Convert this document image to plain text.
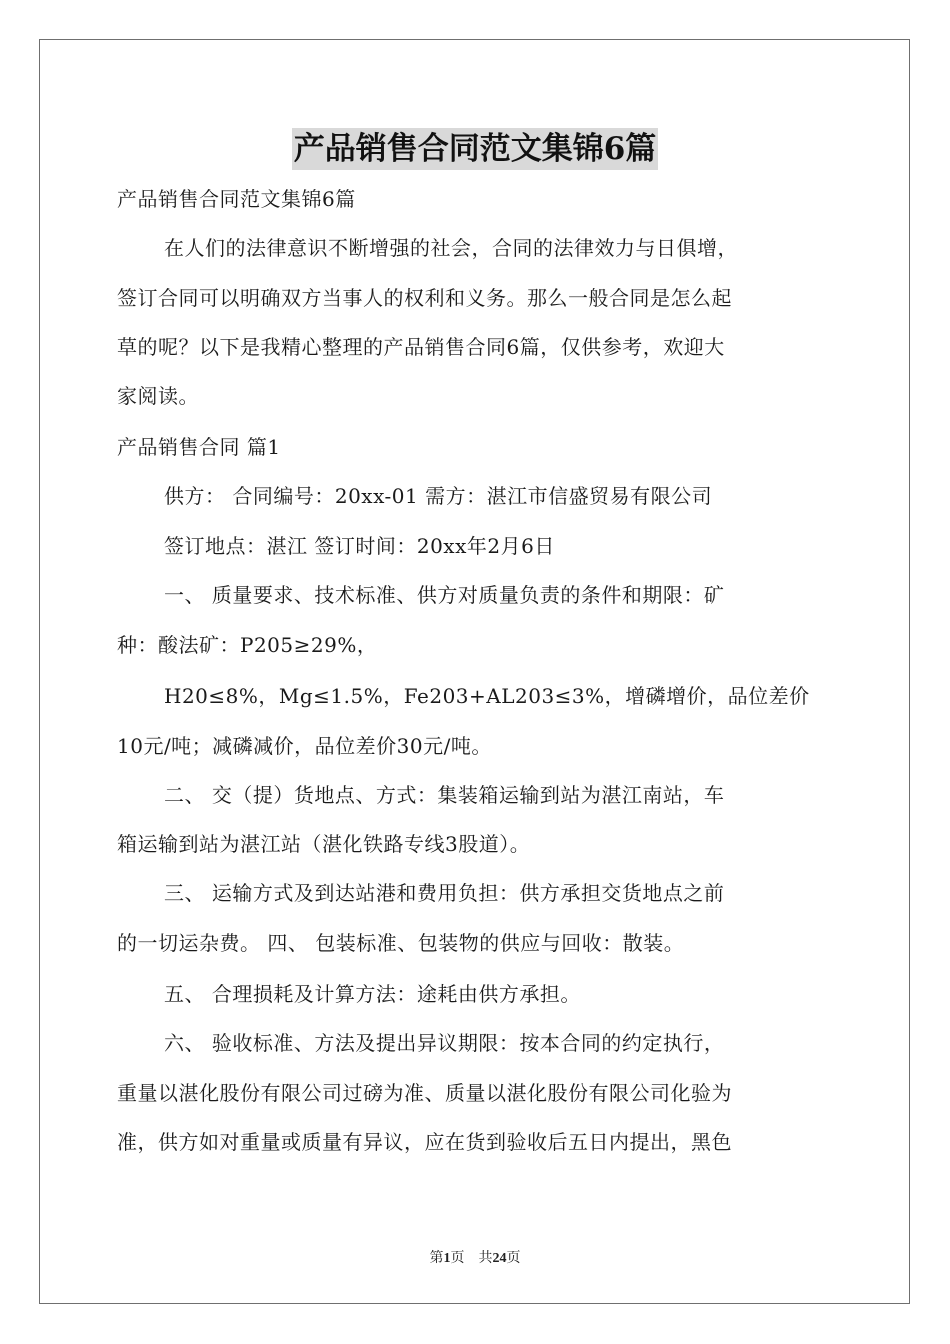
产品销售合同范文集锦6篇
产品销售合同范文集锦6篇
在人们的法律意识不断增强的社会，合同的法律效力与日俱增，
签订合同可以明确双方当事人的权利和义务。那么一般合同是怎么起
草的呢？以下是我精心整理的产品销售合同6篇，仅供参考，欢迎大
家阅读。
产品销售合同 篇1
供方： 合同编号：20xx-01 需方：湛江市信盛贸易有限公司
签订地点：湛江 签订时间：20xx年2月6日
一、 质量要求、技术标准、供方对质量负责的条件和期限：矿
种：酸法矿：P205≥29%，
H20≤8%，Mg≤1.5%，Fe203+AL203≤3%，增磷增价，品位差价
10元/吨；减磷减价，品位差价30元/吨。
二、 交（提）货地点、方式：集装箱运输到站为湛江南站，车
箱运输到站为湛江站（湛化铁路专线3股道）。
三、 运输方式及到达站港和费用负担：供方承担交货地点之前
的一切运杂费。 四、 包装标准、包装物的供应与回收：散装。
五、 合理损耗及计算方法：途耗由供方承担。
六、 验收标准、方法及提出异议期限：按本合同的约定执行，
重量以湛化股份有限公司过磅为准、质量以湛化股份有限公司化验为
准，供方如对重量或质量有异议，应在货到验收后五日内提出，黑色
第1页 共24页
